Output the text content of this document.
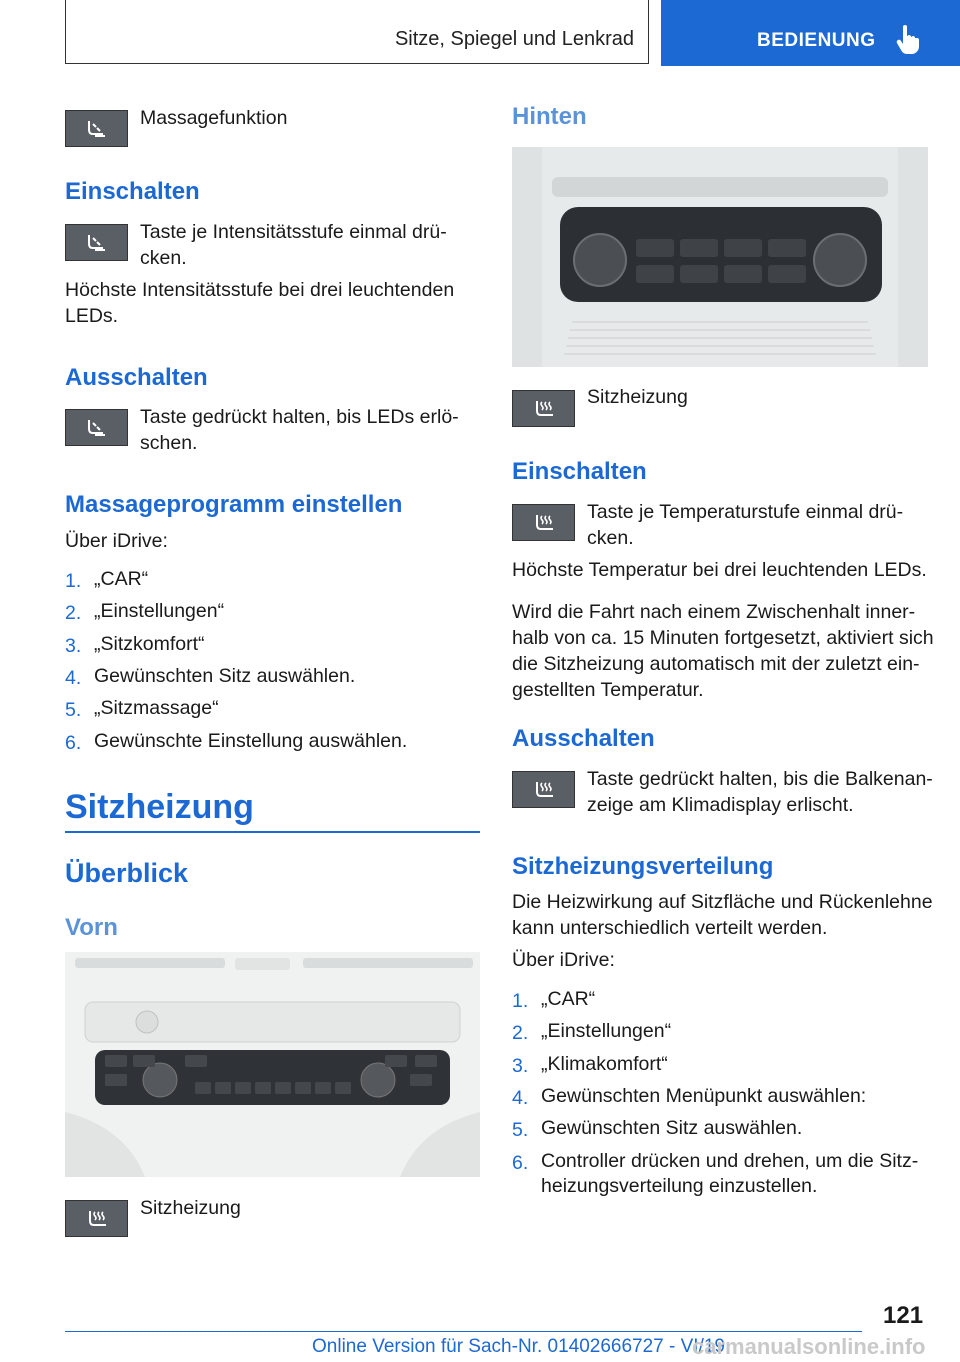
Sitze, Spiegel und Lenkrad	BEDIENUNG
Massagefunktion
Einschalten
Taste je Intensitätsstufe einmal drü-
cken.
Höchste Intensitätsstufe bei drei leuchtenden
LEDs.
Ausschalten
Taste gedrückt halten, bis LEDs erlö-
schen.
Massageprogramm einstellen
Über iDrive:
1. „CAR“
2. „Einstellungen“
3. „Sitzkomfort“
4. Gewünschten Sitz auswählen.
5. „Sitzmassage“
6. Gewünschte Einstellung auswählen.
Sitzheizung
Überblick
Vorn
Sitzheizung
Hinten
Sitzheizung
Einschalten
Taste je Temperaturstufe einmal drü-
cken.
Höchste Temperatur bei drei leuchtenden LEDs.
Wird die Fahrt nach einem Zwischenhalt inner-
halb von ca. 15 Minuten fortgesetzt, aktiviert sich
die Sitzheizung automatisch mit der zuletzt ein-
gestellten Temperatur.
Ausschalten
Taste gedrückt halten, bis die Balkenan-
zeige am Klimadisplay erlischt.
Sitzheizungsverteilung
Die Heizwirkung auf Sitzfläche und Rückenlehne
kann unterschiedlich verteilt werden.
Über iDrive:
1. „CAR“
2. „Einstellungen“
3. „Klimakomfort“
4. Gewünschten Menüpunkt auswählen:
5. Gewünschten Sitz auswählen.
6. Controller drücken und drehen, um die Sitz-
heizungsverteilung einzustellen.
121
Online Version für Sach-Nr. 01402666727 - VI/19
carmanualsonline.info
